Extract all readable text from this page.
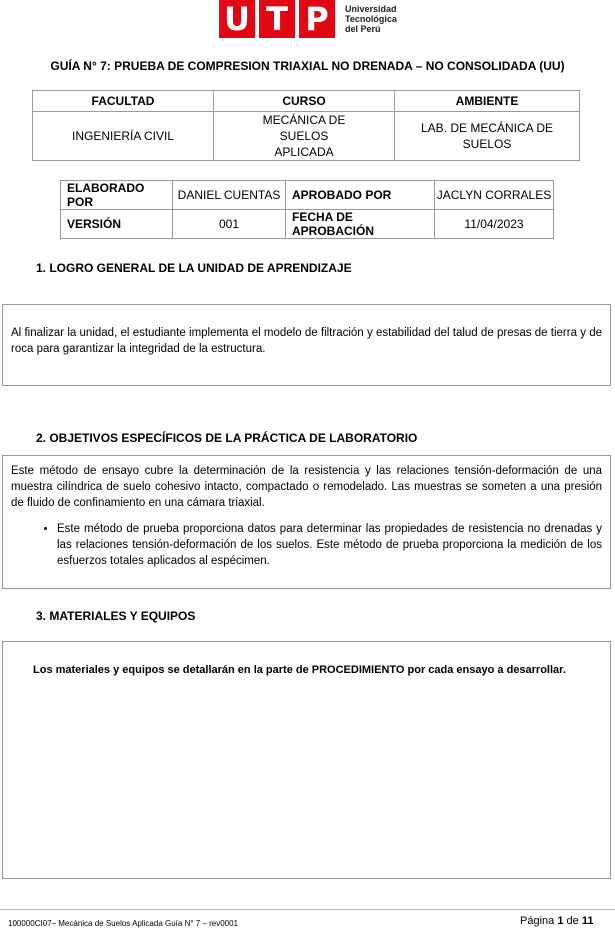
U T P	Universidad
Tecnológica
del Perú
GUÍA N° 7: PRUEBA DE COMPRESION TRIAXIAL NO DRENADA – NO CONSOLIDADA (UU)
FACULTAD	CURSO	AMBIENTE
INGENIERÍA CIVIL	MECÁNICA DE SUELOS APLICADA	LAB. DE MECÁNICA DE SUELOS
ELABORADO POR	DANIEL CUENTAS	APROBADO POR	JACLYN CORRALES
VERSIÓN	001	FECHA DE APROBACIÓN	11/04/2023
1. LOGRO GENERAL DE LA UNIDAD DE APRENDIZAJE

Al finalizar la unidad, el estudiante implementa el modelo de filtración y estabilidad del talud de presas de tierra y de roca para garantizar la integridad de la estructura.

2. OBJETIVOS ESPECÍFICOS DE LA PRÁCTICA DE LABORATORIO

Este método de ensayo cubre la determinación de la resistencia y las relaciones tensión-deformación de una muestra cilíndrica de suelo cohesivo intacto, compactado o remodelado. Las muestras se someten a una presión de fluido de confinamiento en una cámara triaxial.

• Este método de prueba proporciona datos para determinar las propiedades de resistencia no drenadas y las relaciones tensión-deformación de los suelos. Este método de prueba proporciona la medición de los esfuerzos totales aplicados al espécimen.
3. MATERIALES Y EQUIPOS

Los materiales y equipos se detallarán en la parte de PROCEDIMIENTO por cada ensayo a desarrollar.

100000CI07– Mecánica de Suelos Aplicada Guía N° 7 – rev0001	Página 1 de 11
